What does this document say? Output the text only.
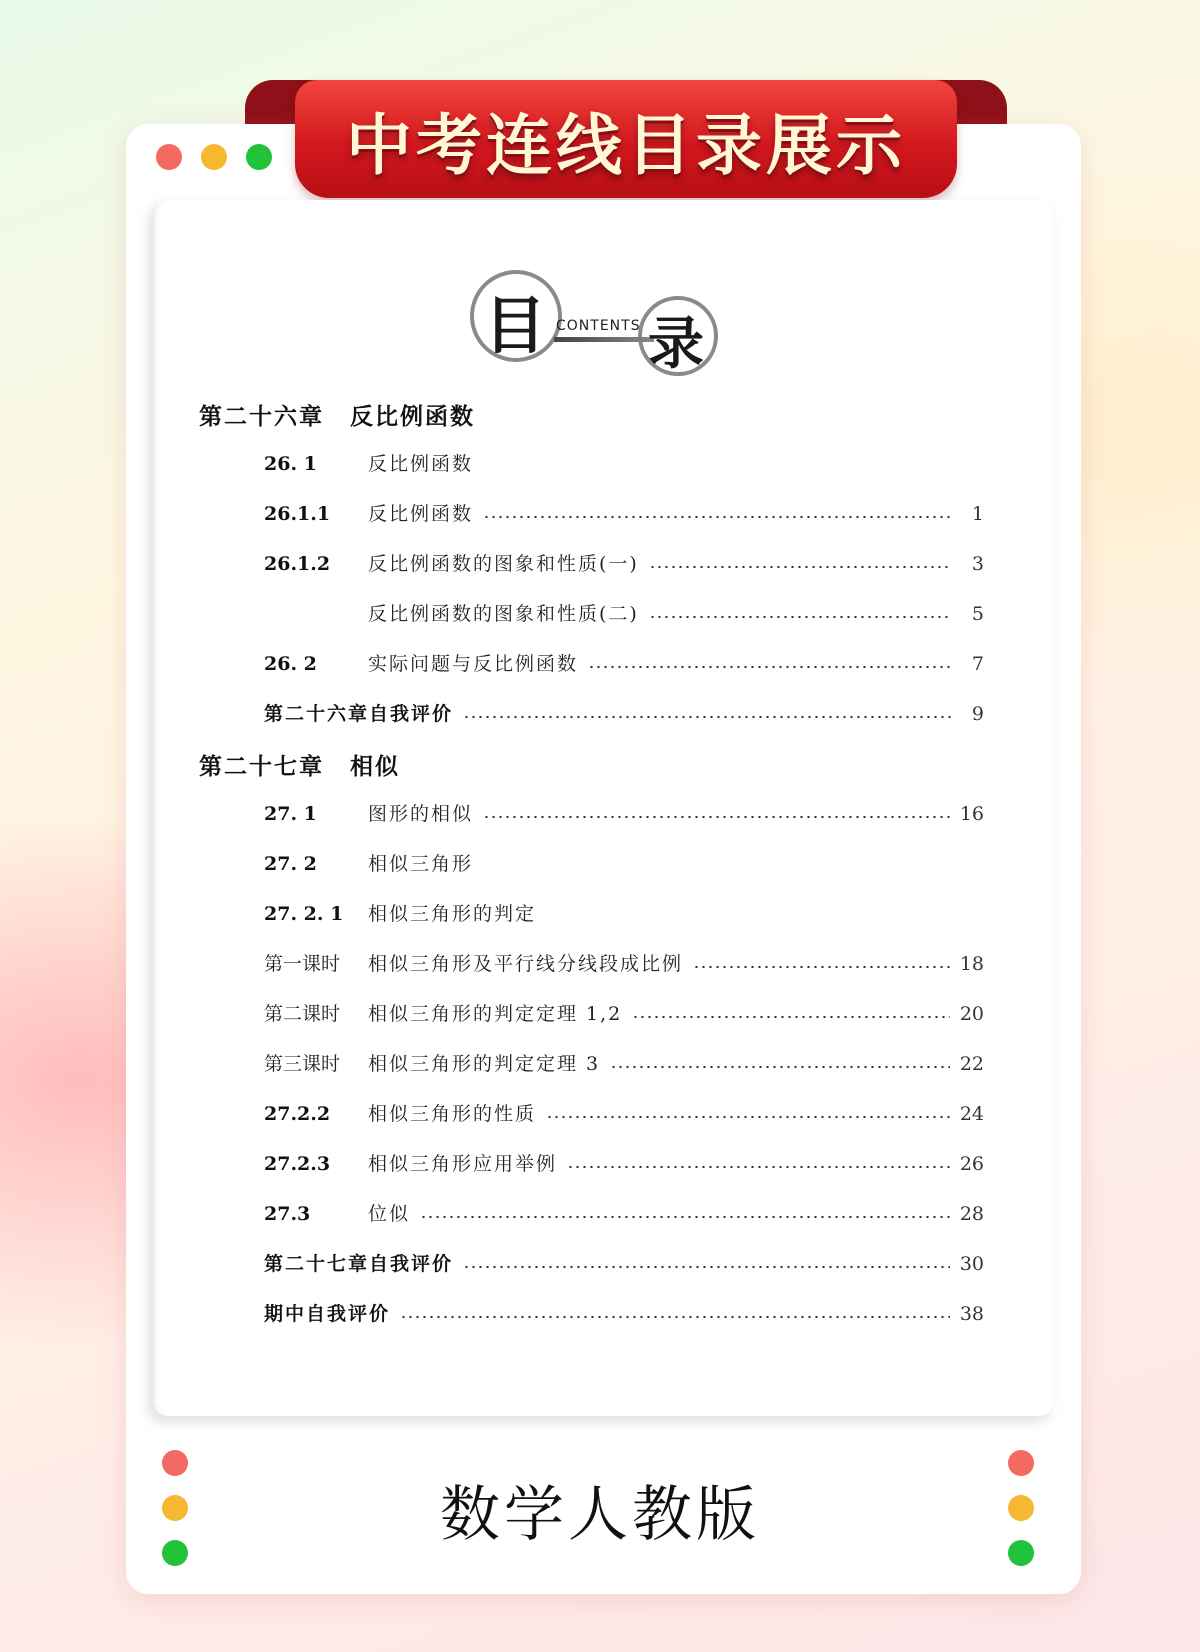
中考连线目录展示
目 CONTENTS 录
第二十六章 反比例函数
26. 1	反比例函数
26.1.1	反比例函数	1
26.1.2	反比例函数的图象和性质(一)	3
反比例函数的图象和性质(二)	5
26. 2	实际问题与反比例函数	7
第二十六章自我评价	9
第二十七章 相似
27. 1	图形的相似	16
27. 2	相似三角形
27. 2. 1	相似三角形的判定
第一课时	相似三角形及平行线分线段成比例	18
第二课时	相似三角形的判定定理 1,2	20
第三课时	相似三角形的判定定理 3	22
27.2.2	相似三角形的性质	24
27.2.3	相似三角形应用举例	26
27.3	位似	28
第二十七章自我评价	30
期中自我评价	38
数学人教版
